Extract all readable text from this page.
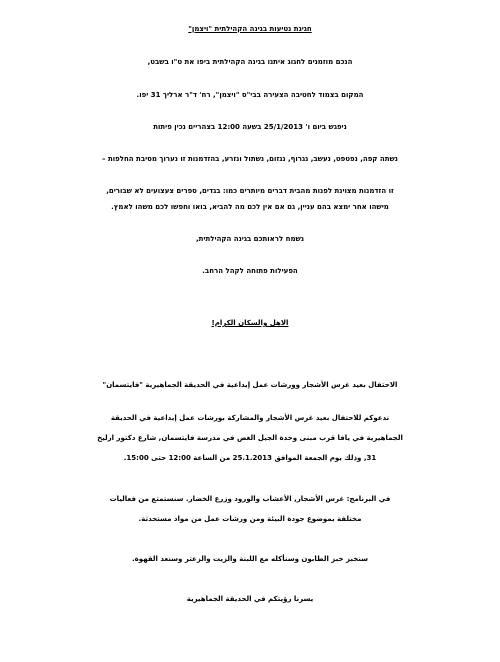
חגיגת נטיעות בגינה הקהילתית "ויצמן"
הנכם מוזמנים לחגוג איתנו בגינה הקהילתית ביפו את ט"ו בשבט,
המקום בצמוד לחטיבה הצעירה בבי"ס "ויצמן", רח' ד"ר ארליך 31 יפו.
ניפגש ביום ו' 25/1/2013 בשעה 12:00 בצהריים נכין פיתות
נשתה קפה, נפטפט, נעשב, נגרוף, נגזום, נשתול ונזרע, בהזדמנות זו נערוך מסיבת החלפות –
זו הזדמנות מצוינת לפנות מהבית דברים מיותרים כמו: בגדים, ספרים צעצועים לא שבורים,
מישהו אחר ימצא בהם עניין, גם אם אין לכם מה להביא, בואו וחפשו לכם משהו לאמץ.
נשמח לראותכם בגינה הקהילתית,
הפעילות פתוחה לקהל הרחב.
الاهل والسكان الكرام!
الاحتفال بعيد غرس الأشجار وورشات عمل إبداعية في الحديقة الجماهيرية "فايتسمان"
ندعوكم للاحتفال بعيد غرس الأشجار والمشاركة بورشات عمل إبداعية في الحديقة
الجماهيرية في يافا قرب مبنى وحدة الجيل الغض في مدرسة فايتسمان, شارع دكتور ارليخ
31, وذلك يوم الجمعة الموافق 25.1.2013 من الساعة 12:00 حتى 15:00.
في البرنامج: غرس الأشجار, الأعشاب والورود وزرع الخضار. سنستمتع من فعاليات
مختلفة بموضوع جودة البيئة ومن ورشات عمل من مواد مستحدثة.
سنخبز خبز الطابون وسنأكله مع اللبنة والزيت والزعتر وسنعد القهوة.
يسرنا رؤيتكم في الحديقة الجماهيرية
